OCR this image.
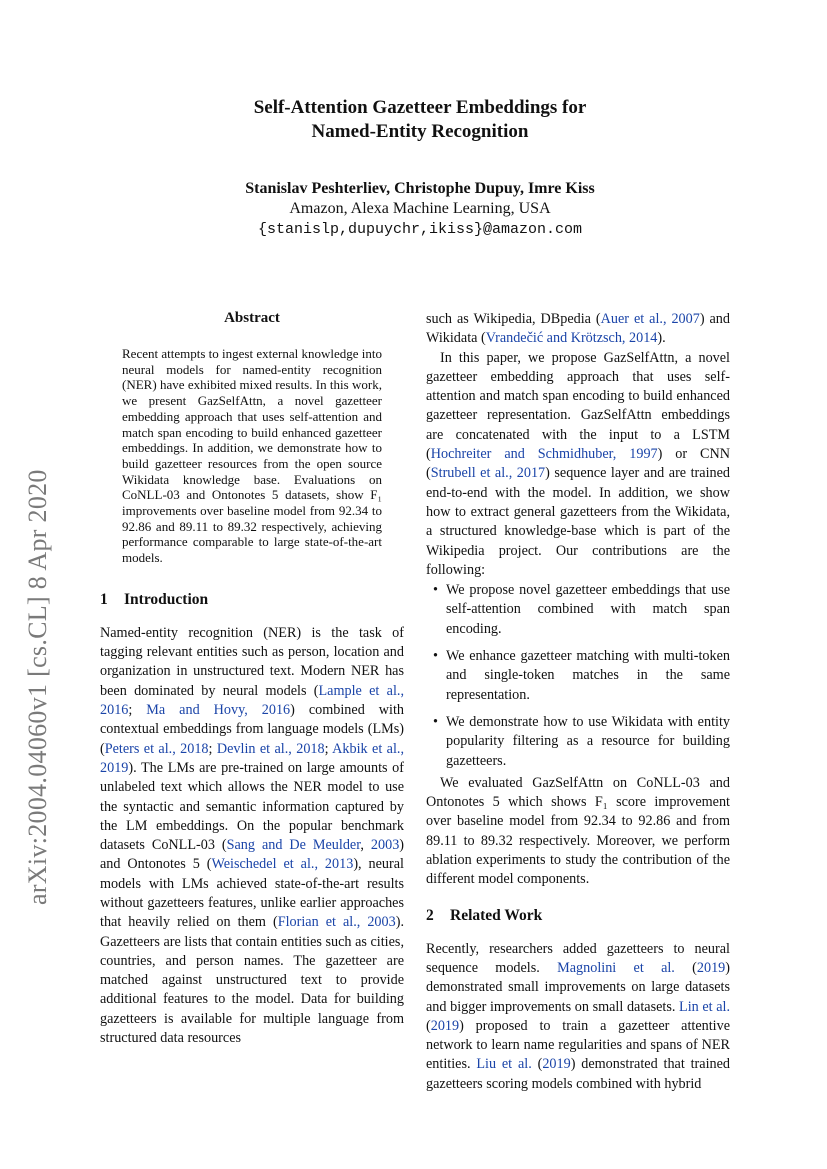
arXiv:2004.04060v1 [cs.CL] 8 Apr 2020
Self-Attention Gazetteer Embeddings for
Named-Entity Recognition
Stanislav Peshterliev, Christophe Dupuy, Imre Kiss
Amazon, Alexa Machine Learning, USA
{stanislp,dupuychr,ikiss}@amazon.com
Abstract

Recent attempts to ingest external knowledge into neural models for named-entity recognition (NER) have exhibited mixed results. In this work, we present GazSelfAttn, a novel gazetteer embedding approach that uses self-attention and match span encoding to build enhanced gazetteer embeddings. In addition, we demonstrate how to build gazetteer resources from the open source Wikidata knowledge base. Evaluations on CoNLL-03 and Ontonotes 5 datasets, show F₁ improvements over baseline model from 92.34 to 92.86 and 89.11 to 89.32 respectively, achieving performance comparable to large state-of-the-art models.

1 Introduction

Named-entity recognition (NER) is the task of tagging relevant entities such as person, location and organization in unstructured text. Modern NER has been dominated by neural models (Lample et al., 2016; Ma and Hovy, 2016) combined with contextual embeddings from language models (LMs) (Peters et al., 2018; Devlin et al., 2018; Akbik et al., 2019). The LMs are pre-trained on large amounts of unlabeled text which allows the NER model to use the syntactic and semantic information captured by the LM embeddings. On the popular benchmark datasets CoNLL-03 (Sang and De Meulder, 2003) and Ontonotes 5 (Weischedel et al., 2013), neural models with LMs achieved state-of-the-art results without gazetteers features, unlike earlier approaches that heavily relied on them (Florian et al., 2003). Gazetteers are lists that contain entities such as cities, countries, and person names. The gazetteer are matched against unstructured text to provide additional features to the model. Data for building gazetteers is available for multiple language from structured data resources

such as Wikipedia, DBpedia (Auer et al., 2007) and Wikidata (Vrandečić and Krötzsch, 2014).

In this paper, we propose GazSelfAttn, a novel gazetteer embedding approach that uses self-attention and match span encoding to build enhanced gazetteer representation. GazSelfAttn embeddings are concatenated with the input to a LSTM (Hochreiter and Schmidhuber, 1997) or CNN (Strubell et al., 2017) sequence layer and are trained end-to-end with the model. In addition, we show how to extract general gazetteers from the Wikidata, a structured knowledge-base which is part of the Wikipedia project. Our contributions are the following:

• We propose novel gazetteer embeddings that use self-attention combined with match span encoding.
• We enhance gazetteer matching with multi-token and single-token matches in the same representation.
• We demonstrate how to use Wikidata with entity popularity filtering as a resource for building gazetteers.

We evaluated GazSelfAttn on CoNLL-03 and Ontonotes 5 which shows F₁ score improvement over baseline model from 92.34 to 92.86 and from 89.11 to 89.32 respectively. Moreover, we perform ablation experiments to study the contribution of the different model components.

2 Related Work

Recently, researchers added gazetteers to neural sequence models. Magnolini et al. (2019) demonstrated small improvements on large datasets and bigger improvements on small datasets. Lin et al. (2019) proposed to train a gazetteer attentive network to learn name regularities and spans of NER entities. Liu et al. (2019) demonstrated that trained gazetteers scoring models combined with hybrid
